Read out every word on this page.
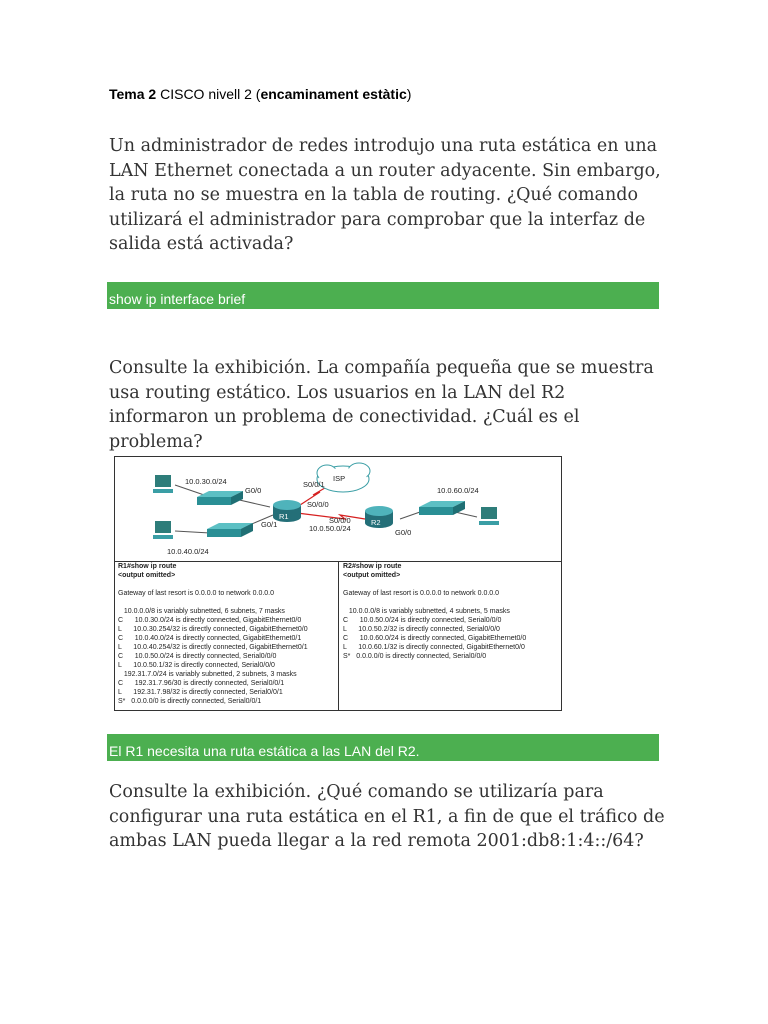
Tema 2 CISCO nivell 2 (encaminament estàtic)
Un administrador de redes introdujo una ruta estática en una LAN Ethernet conectada a un router adyacente. Sin embargo, la ruta no se muestra en la tabla de routing. ¿Qué comando utilizará el administrador para comprobar que la interfaz de salida está activada?
show ip interface brief
Consulte la exhibición. La compañía pequeña que se muestra usa routing estático. Los usuarios en la LAN del R2 informaron un problema de conectividad. ¿Cuál es el problema?
ISP
R1
R2
10.0.30.0/24
10.0.40.0/24
10.0.60.0/24
G0/0
G0/1
S0/0/1
S0/0/0
S0/0/0
10.0.50.0/24	G0/0
R1#show ip route
<output omitted>
Gateway of last resort is 0.0.0.0 to network 0.0.0.0
10.0.0.0/8 is variably subnetted, 6 subnets, 7 masks
C      10.0.30.0/24 is directly connected, GigabitEthernet0/0
L      10.0.30.254/32 is directly connected, GigabitEthernet0/0
C      10.0.40.0/24 is directly connected, GigabitEthernet0/1
L      10.0.40.254/32 is directly connected, GigabitEthernet0/1
C      10.0.50.0/24 is directly connected, Serial0/0/0
L      10.0.50.1/32 is directly connected, Serial0/0/0
192.31.7.0/24 is variably subnetted, 2 subnets, 3 masks
C      192.31.7.96/30 is directly connected, Serial0/0/1
L      192.31.7.98/32 is directly connected, Serial0/0/1
S*   0.0.0.0/0 is directly connected, Serial0/0/1
R2#show ip route
<output omitted>
Gateway of last resort is 0.0.0.0 to network 0.0.0.0
10.0.0.0/8 is variably subnetted, 4 subnets, 5 masks
C      10.0.50.0/24 is directly connected, Serial0/0/0
L      10.0.50.2/32 is directly connected, Serial0/0/0
C      10.0.60.0/24 is directly connected, GigabitEthernet0/0
L      10.0.60.1/32 is directly connected, GigabitEthernet0/0
S*   0.0.0.0/0 is directly connected, Serial0/0/0
El R1 necesita una ruta estática a las LAN del R2.
Consulte la exhibición. ¿Qué comando se utilizaría para configurar una ruta estática en el R1, a fin de que el tráfico de ambas LAN pueda llegar a la red remota 2001:db8:1:4::/64?
